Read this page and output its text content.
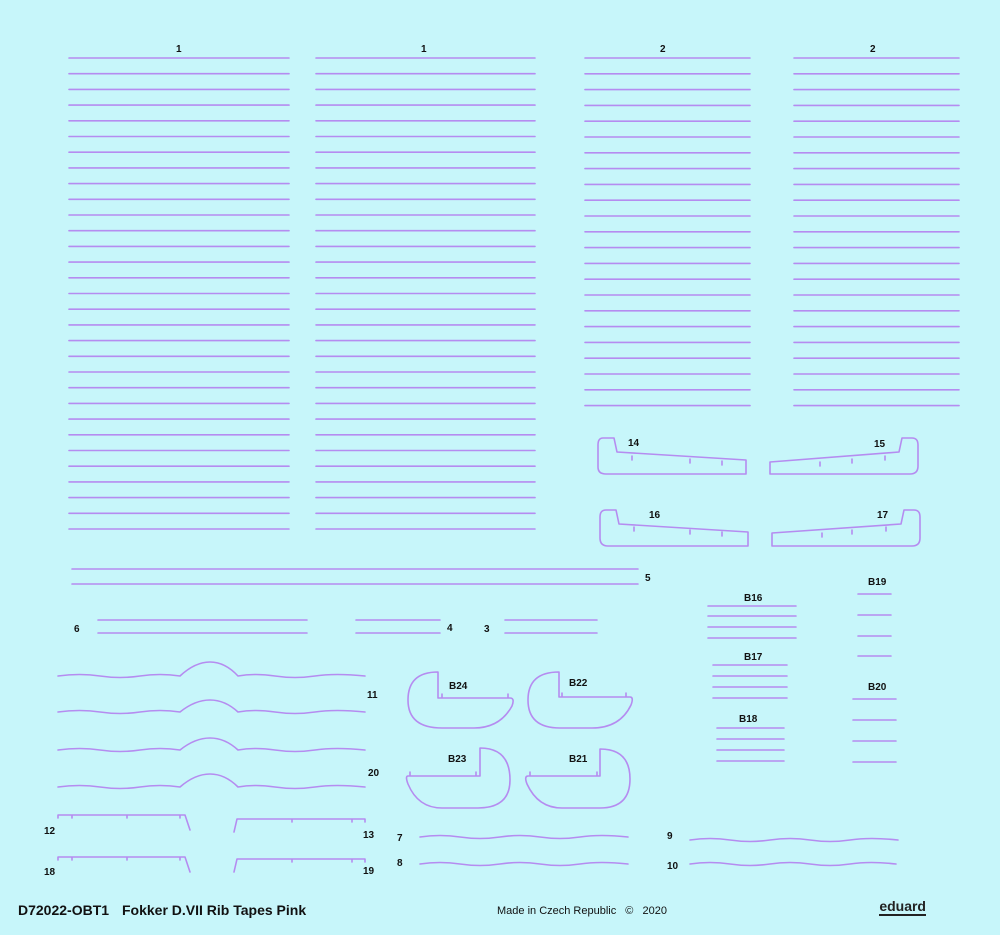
1	1	2	2
14	15
16	17
5
6	4	3
B16
B17
B18
B19
B20
B24	B22
B23	B21
11
20
12	13
18	19
7
8
9
10
D72022-OBT1 Fokker D.VII Rib Tapes Pink	Made in Czech Republic © 2020	eduard
